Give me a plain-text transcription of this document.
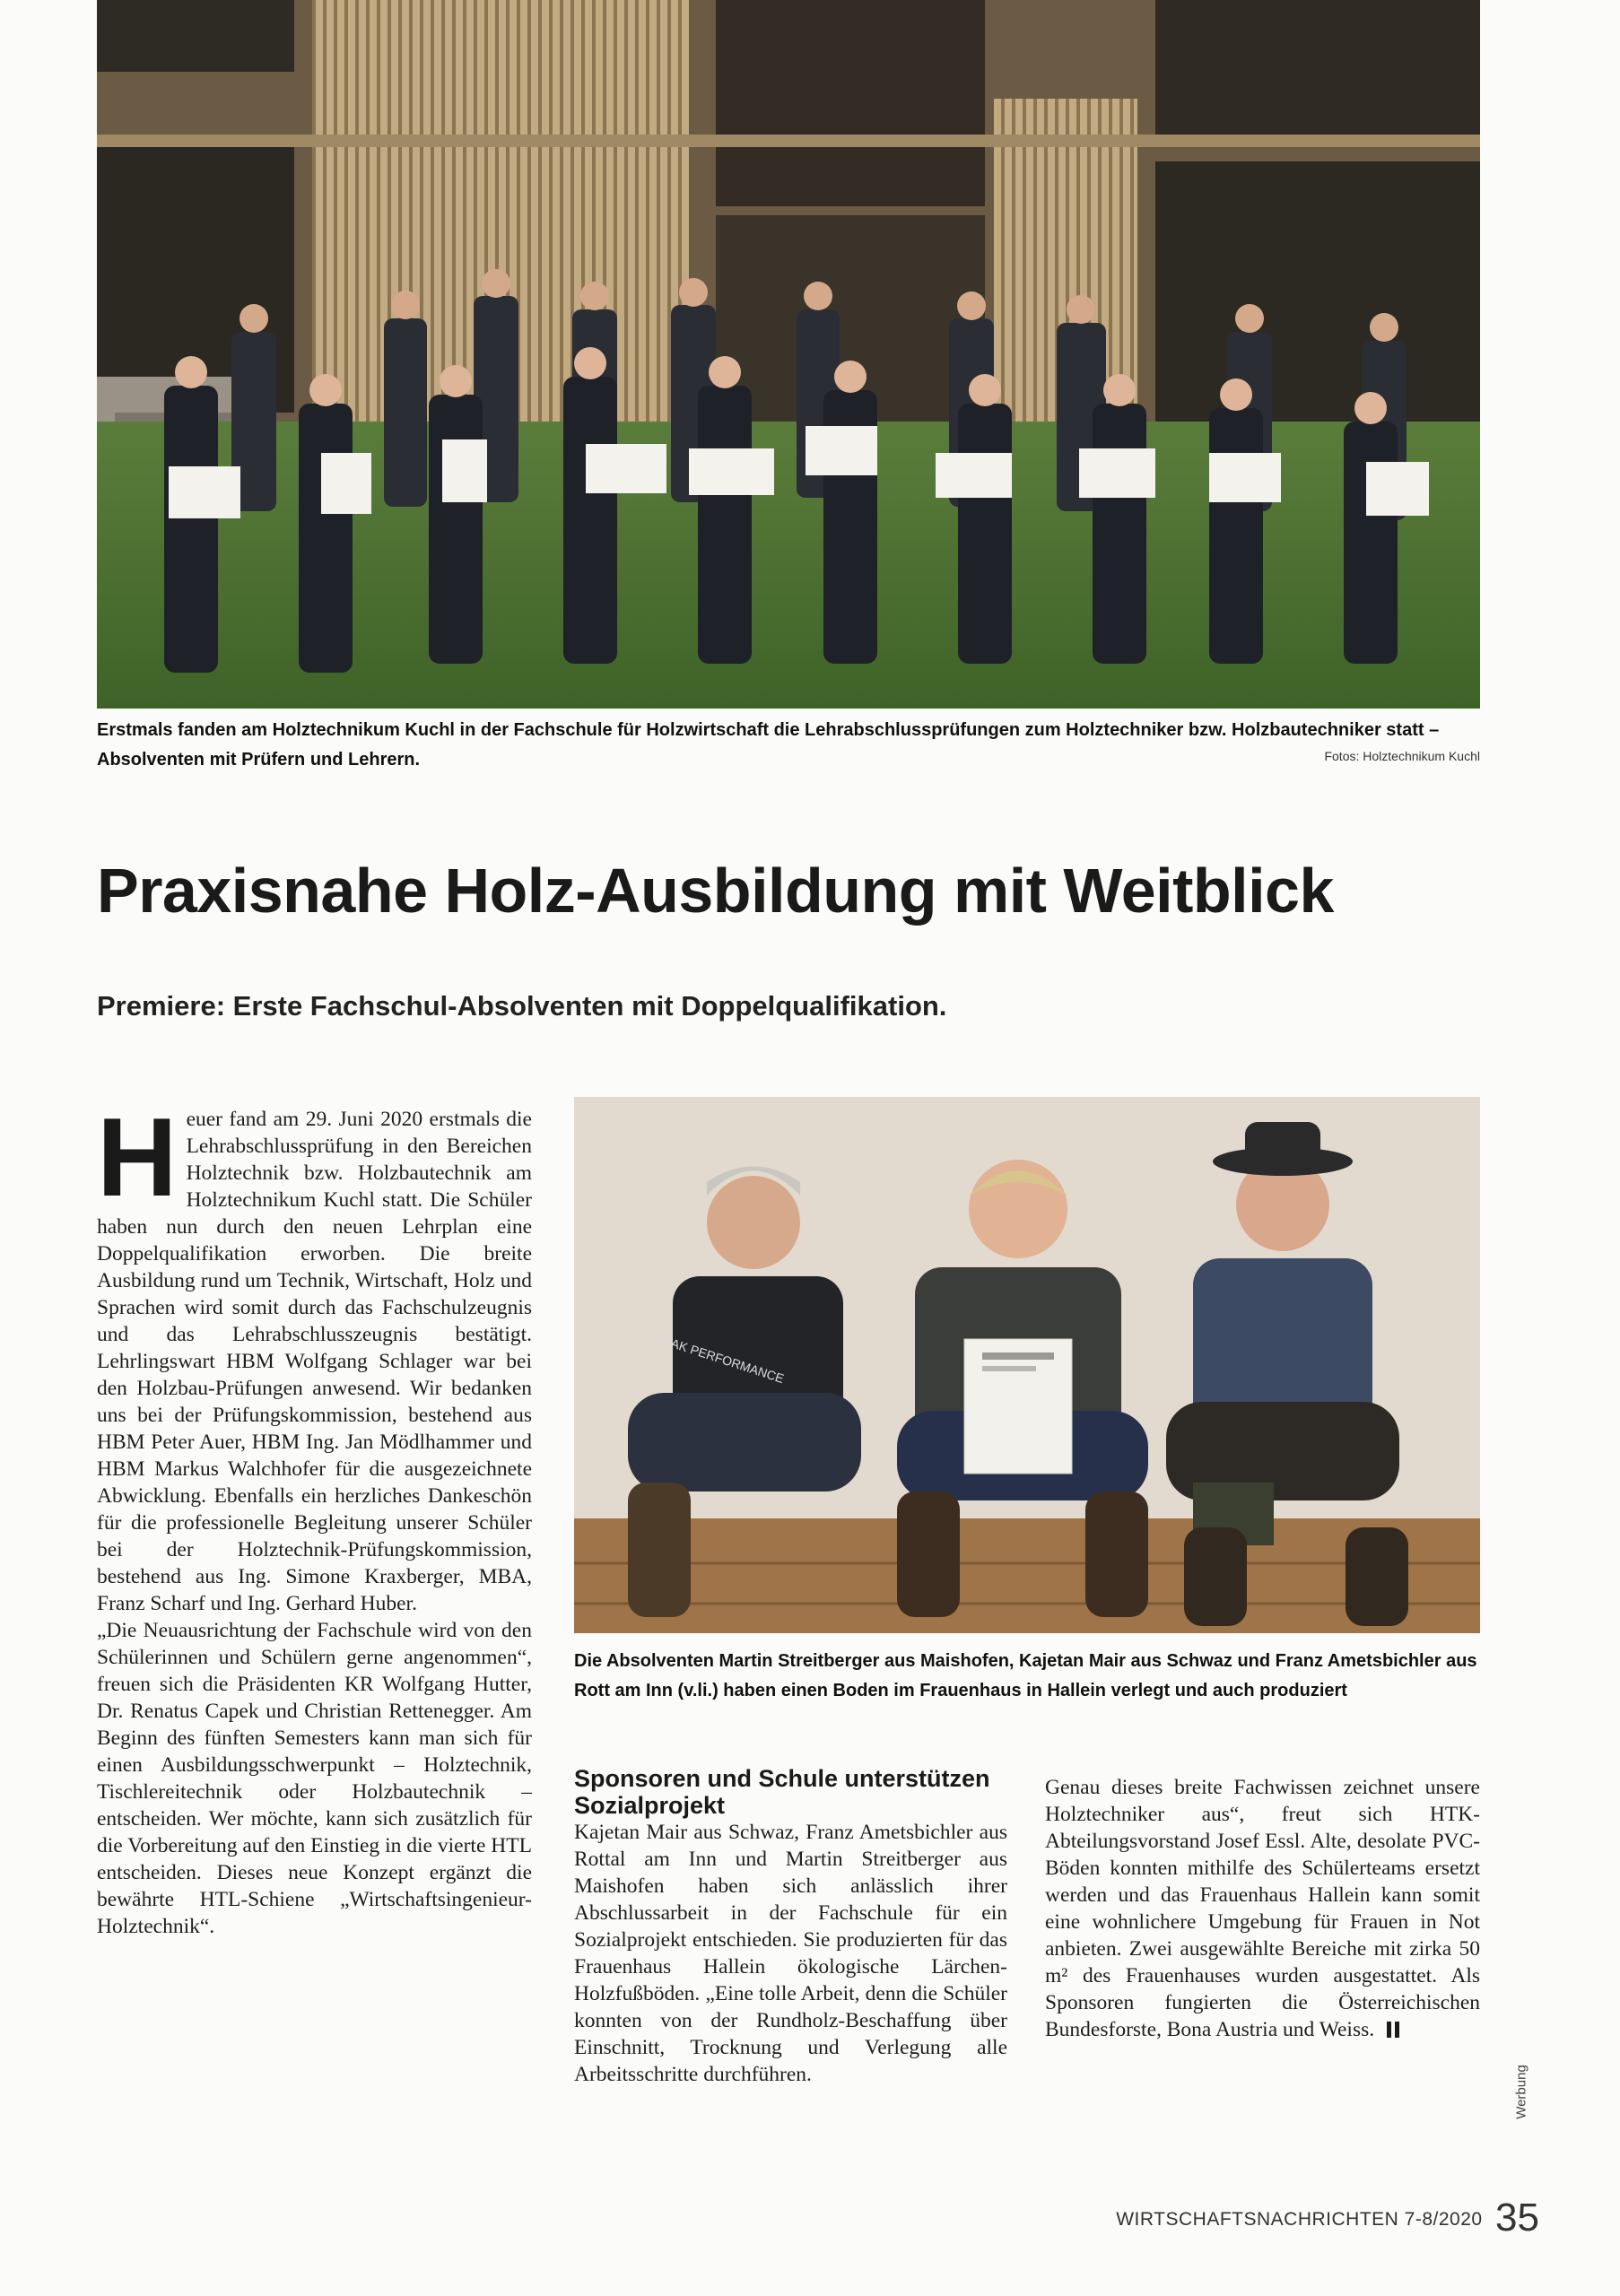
Erstmals fanden am Holztechnikum Kuchl in der Fachschule für Holzwirtschaft die Lehrabschlussprüfungen zum Holztechniker bzw. Holzbautechniker statt – Absolventen mit Prüfern und Lehrern.	Fotos: Holztechnikum Kuchl
Praxisnahe Holz-Ausbildung mit Weitblick
Premiere: Erste Fachschul-Absolventen mit Doppelqualifikation.

Heuer fand am 29. Juni 2020 erstmals die Lehrabschlussprüfung in den Bereichen Holztechnik bzw. Holzbautechnik am Holztechnikum Kuchl statt. Die Schüler haben nun durch den neuen Lehrplan eine Doppelqualifikation erworben. Die breite Ausbildung rund um Technik, Wirtschaft, Holz und Sprachen wird somit durch das Fachschulzeugnis und das Lehrabschlusszeugnis bestätigt. Lehrlingswart HBM Wolfgang Schlager war bei den Holzbau-Prüfungen anwesend. Wir bedanken uns bei der Prüfungskommission, bestehend aus HBM Peter Auer, HBM Ing. Jan Mödlhammer und HBM Markus Walchhofer für die ausgezeichnete Abwicklung. Ebenfalls ein herzliches Dankeschön für die professionelle Begleitung unserer Schüler bei der Holztechnik-Prüfungskommission, bestehend aus Ing. Simone Kraxberger, MBA, Franz Scharf und Ing. Gerhard Huber.

„Die Neuausrichtung der Fachschule wird von den Schülerinnen und Schülern gerne angenommen“, freuen sich die Präsidenten KR Wolfgang Hutter, Dr. Renatus Capek und Christian Rettenegger. Am Beginn des fünften Semesters kann man sich für einen Ausbildungsschwerpunkt – Holztechnik, Tischlereitechnik oder Holzbautechnik – entscheiden. Wer möchte, kann sich zusätzlich für die Vorbereitung auf den Einstieg in die vierte HTL entscheiden. Dieses neue Konzept ergänzt die bewährte HTL-Schiene „Wirtschaftsingenieur-Holztechnik“.

PEAK PERFORMANCE
Die Absolventen Martin Streitberger aus Maishofen, Kajetan Mair aus Schwaz und Franz Ametsbichler aus Rott am Inn (v.li.) haben einen Boden im Frauenhaus in Hallein verlegt und auch produziert
Sponsoren und Schule unterstützen Sozialprojekt

Kajetan Mair aus Schwaz, Franz Ametsbichler aus Rottal am Inn und Martin Streitberger aus Maishofen haben sich anlässlich ihrer Abschlussarbeit in der Fachschule für ein Sozialprojekt entschieden. Sie produzierten für das Frauenhaus Hallein ökologische Lärchen-Holzfußböden. „Eine tolle Arbeit, denn die Schüler konnten von der Rundholz-Beschaffung über Einschnitt, Trocknung und Verlegung alle Arbeitsschritte durchführen.

Genau dieses breite Fachwissen zeichnet unsere Holztechniker aus“, freut sich HTK-Abteilungsvorstand Josef Essl. Alte, desolate PVC-Böden konnten mithilfe des Schülerteams ersetzt werden und das Frauenhaus Hallein kann somit eine wohnlichere Umgebung für Frauen in Not anbieten. Zwei ausgewählte Bereiche mit zirka 50 m² des Frauenhauses wurden ausgestattet. Als Sponsoren fungierten die Österreichischen Bundesforste, Bona Austria und Weiss.

Werbung
WIRTSCHAFTSNACHRICHTEN 7-8/2020 35
